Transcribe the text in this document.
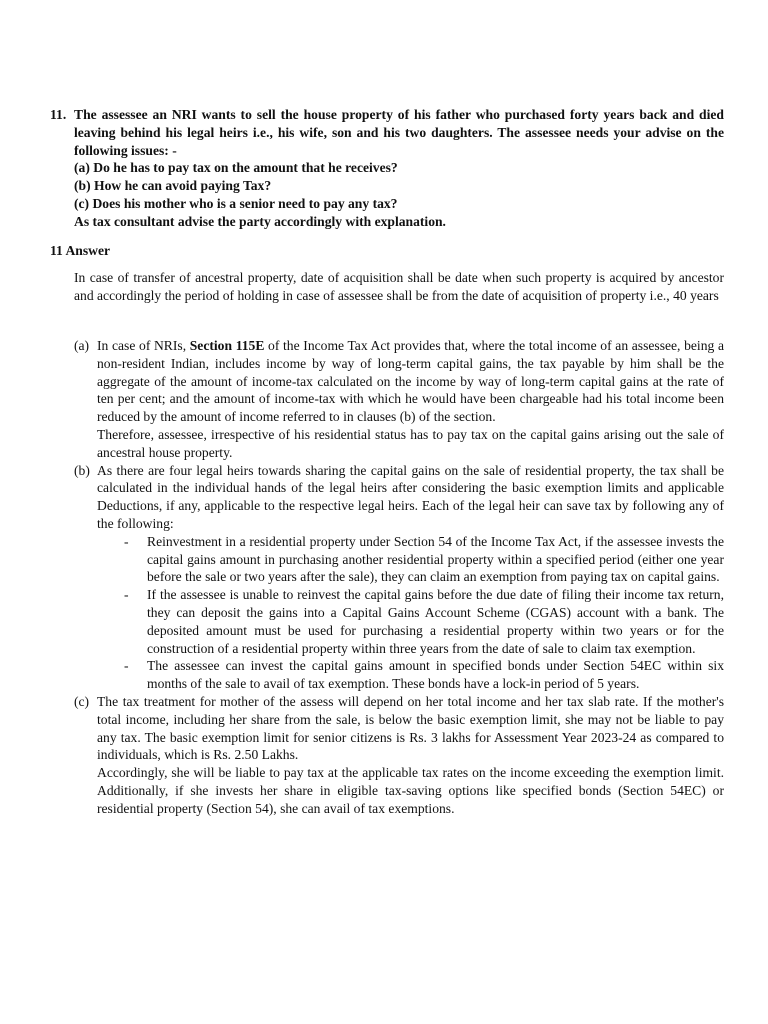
11. The assessee an NRI wants to sell the house property of his father who purchased forty years back and died leaving behind his legal heirs i.e., his wife, son and his two daughters. The assessee needs your advise on the following issues: -
(a) Do he has to pay tax on the amount that he receives?
(b) How he can avoid paying Tax?
(c) Does his mother who is a senior need to pay any tax?
As tax consultant advise the party accordingly with explanation.
11 Answer

In case of transfer of ancestral property, date of acquisition shall be date when such property is acquired by ancestor and accordingly the period of holding in case of assessee shall be from the date of acquisition of property i.e., 40 years

(a) In case of NRIs, Section 115E of the Income Tax Act provides that, where the total income of an assessee, being a non-resident Indian, includes income by way of long-term capital gains, the tax payable by him shall be the aggregate of the amount of income-tax calculated on the income by way of long-term capital gains at the rate of ten per cent; and the amount of income-tax with which he would have been chargeable had his total income been reduced by the amount of income referred to in clauses (b) of the section.

Therefore, assessee, irrespective of his residential status has to pay tax on the capital gains arising out the sale of ancestral house property.

(b) As there are four legal heirs towards sharing the capital gains on the sale of residential property, the tax shall be calculated in the individual hands of the legal heirs after considering the basic exemption limits and applicable Deductions, if any, applicable to the respective legal heirs. Each of the legal heir can save tax by following any of the following:

- Reinvestment in a residential property under Section 54 of the Income Tax Act, if the assessee invests the capital gains amount in purchasing another residential property within a specified period (either one year before the sale or two years after the sale), they can claim an exemption from paying tax on capital gains.
- If the assessee is unable to reinvest the capital gains before the due date of filing their income tax return, they can deposit the gains into a Capital Gains Account Scheme (CGAS) account with a bank. The deposited amount must be used for purchasing a residential property within two years or for the construction of a residential property within three years from the date of sale to claim tax exemption.
- The assessee can invest the capital gains amount in specified bonds under Section 54EC within six months of the sale to avail of tax exemption. These bonds have a lock-in period of 5 years.
(c) The tax treatment for mother of the assess will depend on her total income and her tax slab rate. If the mother's total income, including her share from the sale, is below the basic exemption limit, she may not be liable to pay any tax. The basic exemption limit for senior citizens is Rs. 3 lakhs for Assessment Year 2023-24 as compared to individuals, which is Rs. 2.50 Lakhs.

Accordingly, she will be liable to pay tax at the applicable tax rates on the income exceeding the exemption limit. Additionally, if she invests her share in eligible tax-saving options like specified bonds (Section 54EC) or residential property (Section 54), she can avail of tax exemptions.
